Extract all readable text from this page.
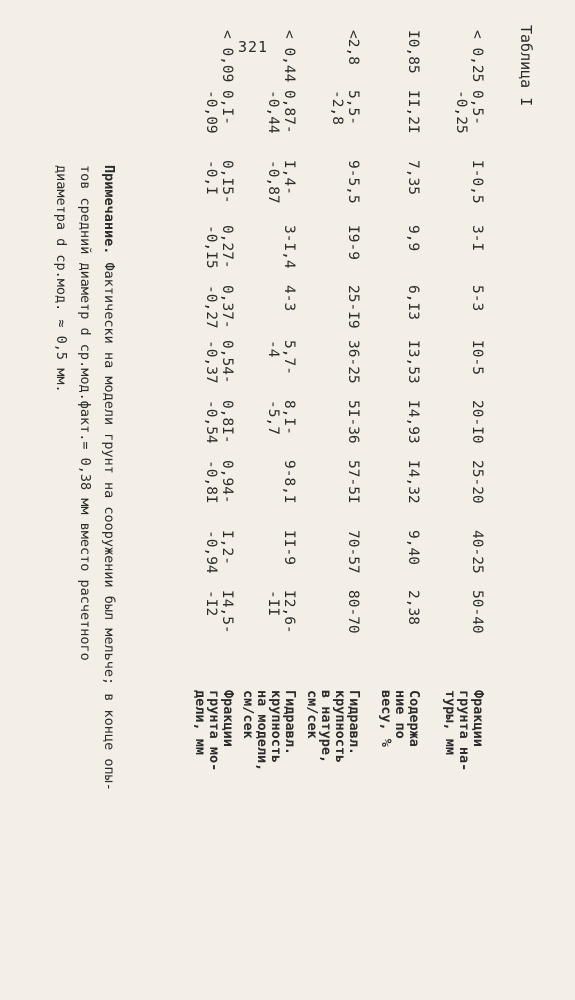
321	Таблица I
Фракции
грунта на-
туры, мм
50-40
40-25
25-20
20-I0
I0-5
5-3
3-I
I-0,5
0,5-
-0,25
< 0,25
Содержа
ние по
весу, %
2,38
9,40
I4,32
I4,93
I3,53
6,I3
9,9
7,35
II,2I
I0,85
Гидравл.
крупность
в натуре,
см/сек
80-70
70-57
57-5I
5I-36
36-25
25-I9
I9-9
9-5,5
5,5-
-2,8
<2,8
Гидравл.
крупность
на модели,
см/сек
I2,6-
-II
II-9
9-8,I
8,I-
-5,7
5,7-
-4
4-3
3-I,4
I,4-
-0,87
0,87-
-0,44
< 0,44
Фракции
грунта мо-
дели, мм
I4,5-
-I2
I,2-
-0,94
0,94-
-0,8I
0,8I-
-0,54
0,54-
-0,37
0,37-
-0,27
0,27-
-0,I5
0,I5-
-0,I
0,I-
-0,09
< 0,09
Примечание. Фактически на модели грунт на сооружении был мельче; в конце опы-
тов средний диаметр d ср.мод.факт.= 0,38 мм вместо расчетного
диаметра d ср.мод. ≈ 0,5 мм.
